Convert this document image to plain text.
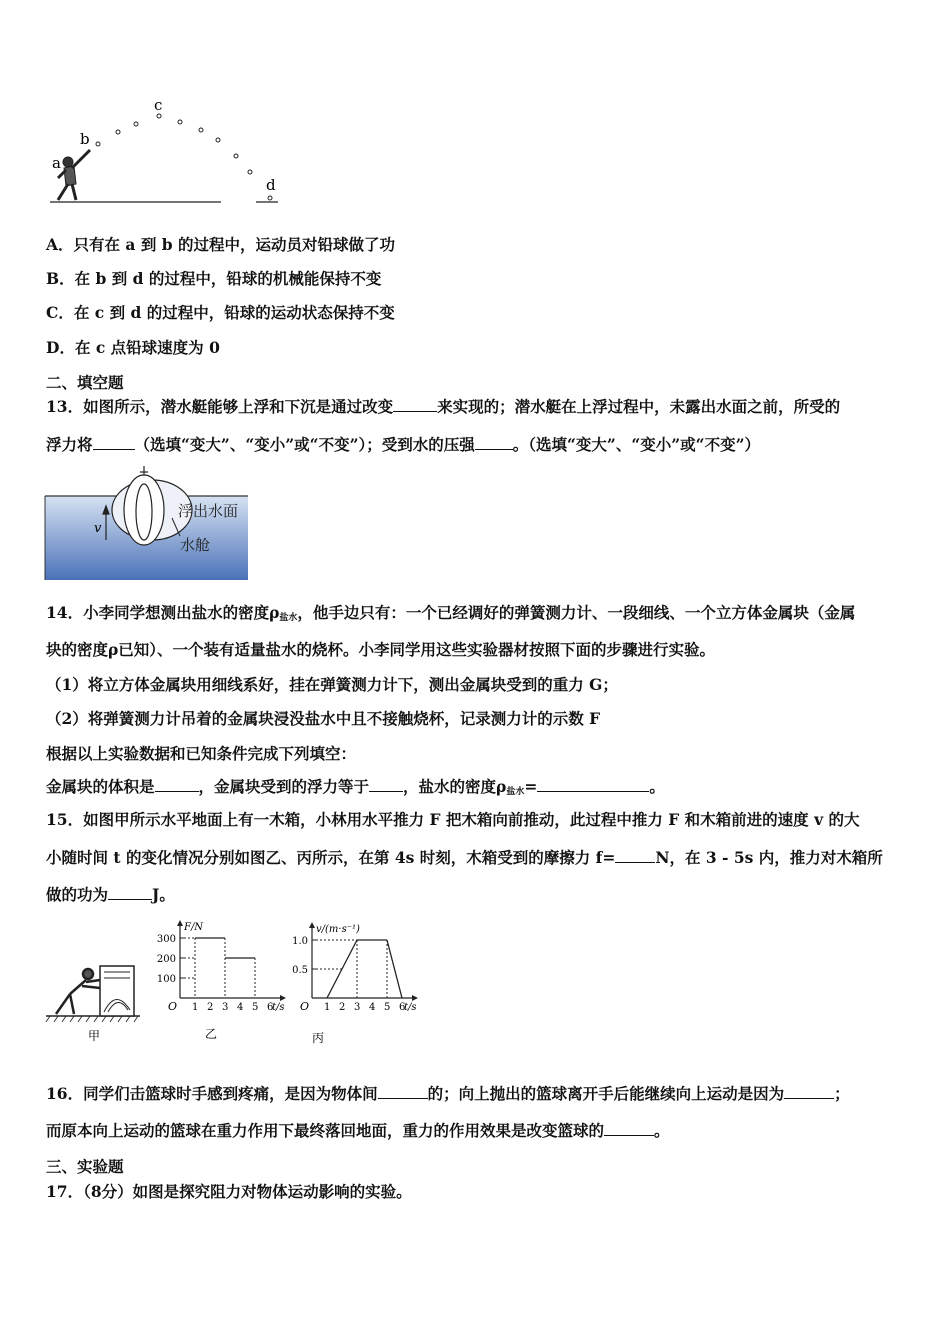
a
b
c
d
A．只有在 a 到 b 的过程中，运动员对铅球做了功
B．在 b 到 d 的过程中，铅球的机械能保持不变
C．在 c 到 d 的过程中，铅球的运动状态保持不变
D．在 c 点铅球速度为 0
二、填空题
13．如图所示，潜水艇能够上浮和下沉是通过改变	来实现的；潜水艇在上浮过程中，未露出水面之前，所受的
浮力将	（选填“变大”、“变小”或“不变”）；受到水的压强 。（选填“变大”、“变小”或“不变”）
v
浮出水面
水舱
14．小李同学想测出盐水的密度ρ盐水，他手边只有：一个已经调好的弹簧测力计、一段细线、一个立方体金属块（金属
块的密度ρ已知）、一个装有适量盐水的烧杯。小李同学用这些实验器材按照下面的步骤进行实验。
（1）将立方体金属块用细线系好，挂在弹簧测力计下，测出金属块受到的重力 G；
（2）将弹簧测力计吊着的金属块浸没盐水中且不接触烧杯，记录测力计的示数 F
根据以上实验数据和已知条件完成下列填空：
金属块的体积是	，金属块受到的浮力等于 ，盐水的密度ρ盐水=	。
15．如图甲所示水平地面上有一木箱，小林用水平推力 F 把木箱向前推动，此过程中推力 F 和木箱前进的速度 v 的大
小随时间 t 的变化情况分别如图乙、丙所示，在第 4s 时刻，木箱受到的摩擦力 f=	N，在 3 - 5s 内，推力对木箱所
做的功为	J。
甲
F/N
t/s
O 1 2 3 4 5 6
100
200
300
乙
v/(m·s⁻¹)
t/s
O 1 2 3 4 5 6
0.5
1.0
丙
16．同学们击篮球时手感到疼痛，是因为物体间	的；向上抛出的篮球离开手后能继续向上运动是因为	；
而原本向上运动的篮球在重力作用下最终落回地面，重力的作用效果是改变篮球的	。
三、实验题
17．（8分）如图是探究阻力对物体运动影响的实验。
